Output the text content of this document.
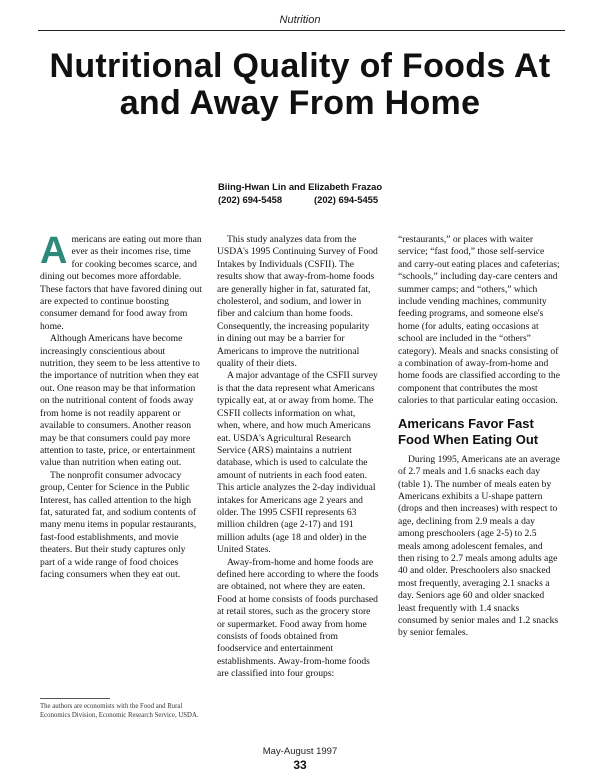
Nutrition
Nutritional Quality of Foods At and Away From Home
Biing-Hwan Lin and Elizabeth Frazao
(202) 694-5458	(202) 694-5455

Americans are eating out more than ever as their incomes rise, time for cooking becomes scarce, and dining out becomes more affordable. These factors that have favored dining out are expected to continue boosting consumer demand for food away from home.

Although Americans have become increasingly conscientious about nutrition, they seem to be less attentive to the importance of nutrition when they eat out. One reason may be that information on the nutritional content of foods away from home is not readily apparent or available to consumers. Another reason may be that consumers could pay more attention to taste, price, or entertainment value than nutrition when eating out.

The nonprofit consumer advocacy group, Center for Science in the Public Interest, has called attention to the high fat, saturated fat, and sodium contents of many menu items in popular restaurants, fast-food establishments, and movie theaters. But their study captures only part of a wide range of food choices facing consumers when they eat out.

This study analyzes data from the USDA's 1995 Continuing Survey of Food Intakes by Individuals (CSFII). The results show that away-from-home foods are generally higher in fat, saturated fat, cholesterol, and sodium, and lower in fiber and calcium than home foods. Consequently, the increasing popularity in dining out may be a barrier for Americans to improve the nutritional quality of their diets.

A major advantage of the CSFII survey is that the data represent what Americans typically eat, at or away from home. The CSFII collects information on what, when, where, and how much Americans eat. USDA's Agricultural Research Service (ARS) maintains a nutrient database, which is used to calculate the amount of nutrients in each food eaten. This article analyzes the 2-day individual intakes for Americans age 2 years and older. The 1995 CSFII represents 63 million children (age 2-17) and 191 million adults (age 18 and older) in the United States.

Away-from-home and home foods are defined here according to where the foods are obtained, not where they are eaten. Food at home consists of foods purchased at retail stores, such as the grocery store or supermarket. Food away from home consists of foods obtained from foodservice and entertainment establishments. Away-from-home foods are classified into four groups:

“restaurants,” or places with waiter service; “fast food,” those self-service and carry-out eating places and cafeterias; “schools,” including day-care centers and summer camps; and “others,” which include vending machines, community feeding programs, and someone else's home (for adults, eating occasions at school are included in the “others” category). Meals and snacks consisting of a combination of away-from-home and home foods are classified according to the component that contributes the most calories to that particular eating occasion.

Americans Favor Fast Food When Eating Out

During 1995, Americans ate an average of 2.7 meals and 1.6 snacks each day (table 1). The number of meals eaten by Americans exhibits a U-shape pattern (drops and then increases) with respect to age, declining from 2.9 meals a day among preschoolers (age 2-5) to 2.5 meals among adolescent females, and then rising to 2.7 meals among adults age 40 and older. Preschoolers also snacked most frequently, averaging 2.1 snacks a day. Seniors age 60 and older snacked least frequently with 1.4 snacks consumed by senior males and 1.2 snacks by senior females.

The authors are economists with the Food and Rural Economics Division, Economic Research Service, USDA.
May-August 1997
33
